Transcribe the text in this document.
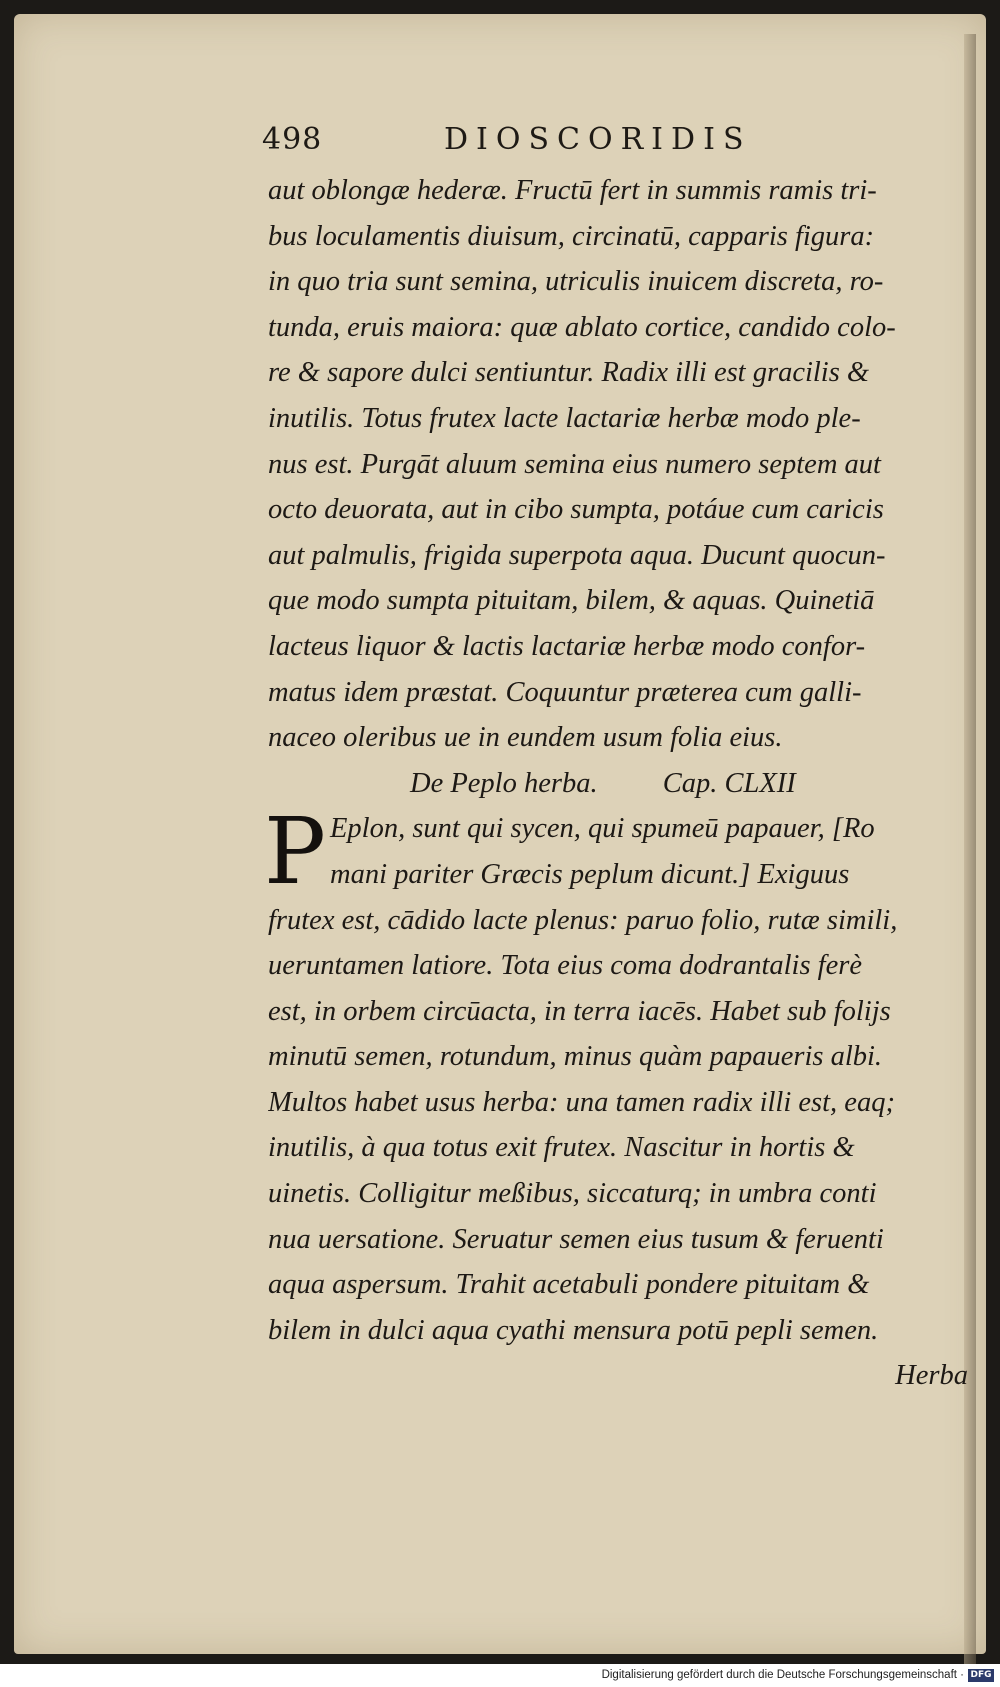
498	DIOSCORIDIS
aut oblongæ hederæ. Fructū fert in summis ramis tri-
bus loculamentis diuisum, circinatū, capparis figura:
in quo tria sunt semina, utriculis inuicem discreta, ro-
tunda, eruis maiora: quæ ablato cortice, candido colo-
re & sapore dulci sentiuntur. Radix illi est gracilis &
inutilis. Totus frutex lacte lactariæ herbæ modo ple-
nus est. Purgāt aluum semina eius numero septem aut
octo deuorata, aut in cibo sumpta, potáue cum caricis
aut palmulis, frigida superpota aqua. Ducunt quocun-
que modo sumpta pituitam, bilem, & aquas. Quinetiā
lacteus liquor & lactis lactariæ herbæ modo confor-
matus idem præstat. Coquuntur præterea cum galli-
naceo oleribus ue in eundem usum folia eius.
De Peplo herba. Cap. CLXII
P Eplon, sunt qui sycen, qui spumeū papauer, [Ro
mani pariter Græcis peplum dicunt.] Exiguus
frutex est, cādido lacte plenus: paruo folio, rutæ simili,
ueruntamen latiore. Tota eius coma dodrantalis ferè
est, in orbem circūacta, in terra iacēs. Habet sub folijs
minutū semen, rotundum, minus quàm papaueris albi.
Multos habet usus herba: una tamen radix illi est, eaq;
inutilis, à qua totus exit frutex. Nascitur in hortis &
uinetis. Colligitur meßibus, siccaturq; in umbra conti
nua uersatione. Seruatur semen eius tusum & feruenti
aqua aspersum. Trahit acetabuli pondere pituitam &
bilem in dulci aqua cyathi mensura potū pepli semen.
Herba
Digitalisierung gefördert durch die Deutsche Forschungsgemeinschaft · DFG
